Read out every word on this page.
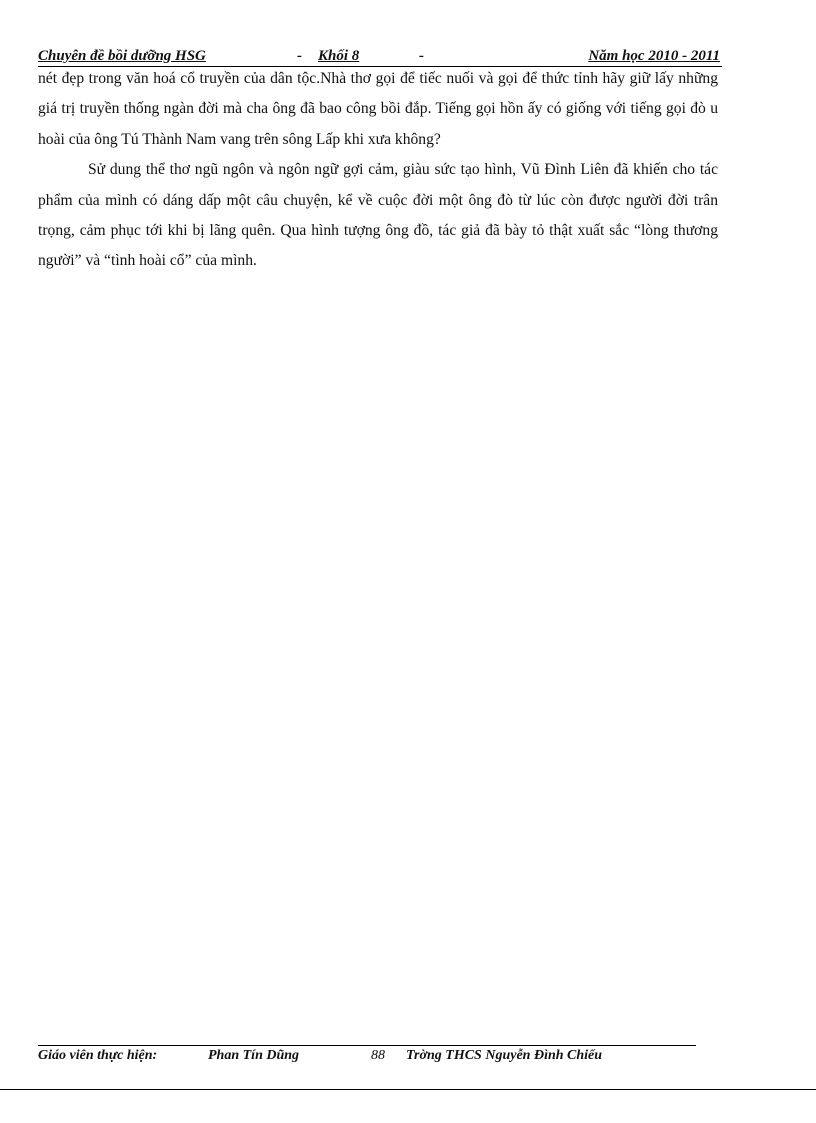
Chuyên đề bồi dưỡng HSG	- Khối 8	-	Năm học 2010 - 2011

nét đẹp trong văn hoá cổ truyền của dân tộc.Nhà thơ gọi để tiếc nuối và gọi để thức tỉnh hãy giữ lấy những giá trị truyền thống ngàn đời mà cha ông đã bao công bồi đắp. Tiếng gọi hồn ấy có giống với tiếng gọi đò u hoài của ông Tú Thành Nam vang trên sông Lấp khi xưa không?

Sử dung thể thơ ngũ ngôn và ngôn ngữ gợi cảm, giàu sức tạo hình, Vũ Đình Liên đã khiến cho tác phẩm của mình có dáng dấp một câu chuyện, kể về cuộc đời một ông đò từ lúc còn được người đời trân trọng, cảm phục tới khi bị lãng quên. Qua hình tượng ông đồ, tác giả đã bày tỏ thật xuất sắc “lòng thương người” và “tình hoài cổ” của mình.

Giáo viên thực hiện:	Phan Tín Dũng	88 Trờng THCS Nguyễn Đình Chiểu
